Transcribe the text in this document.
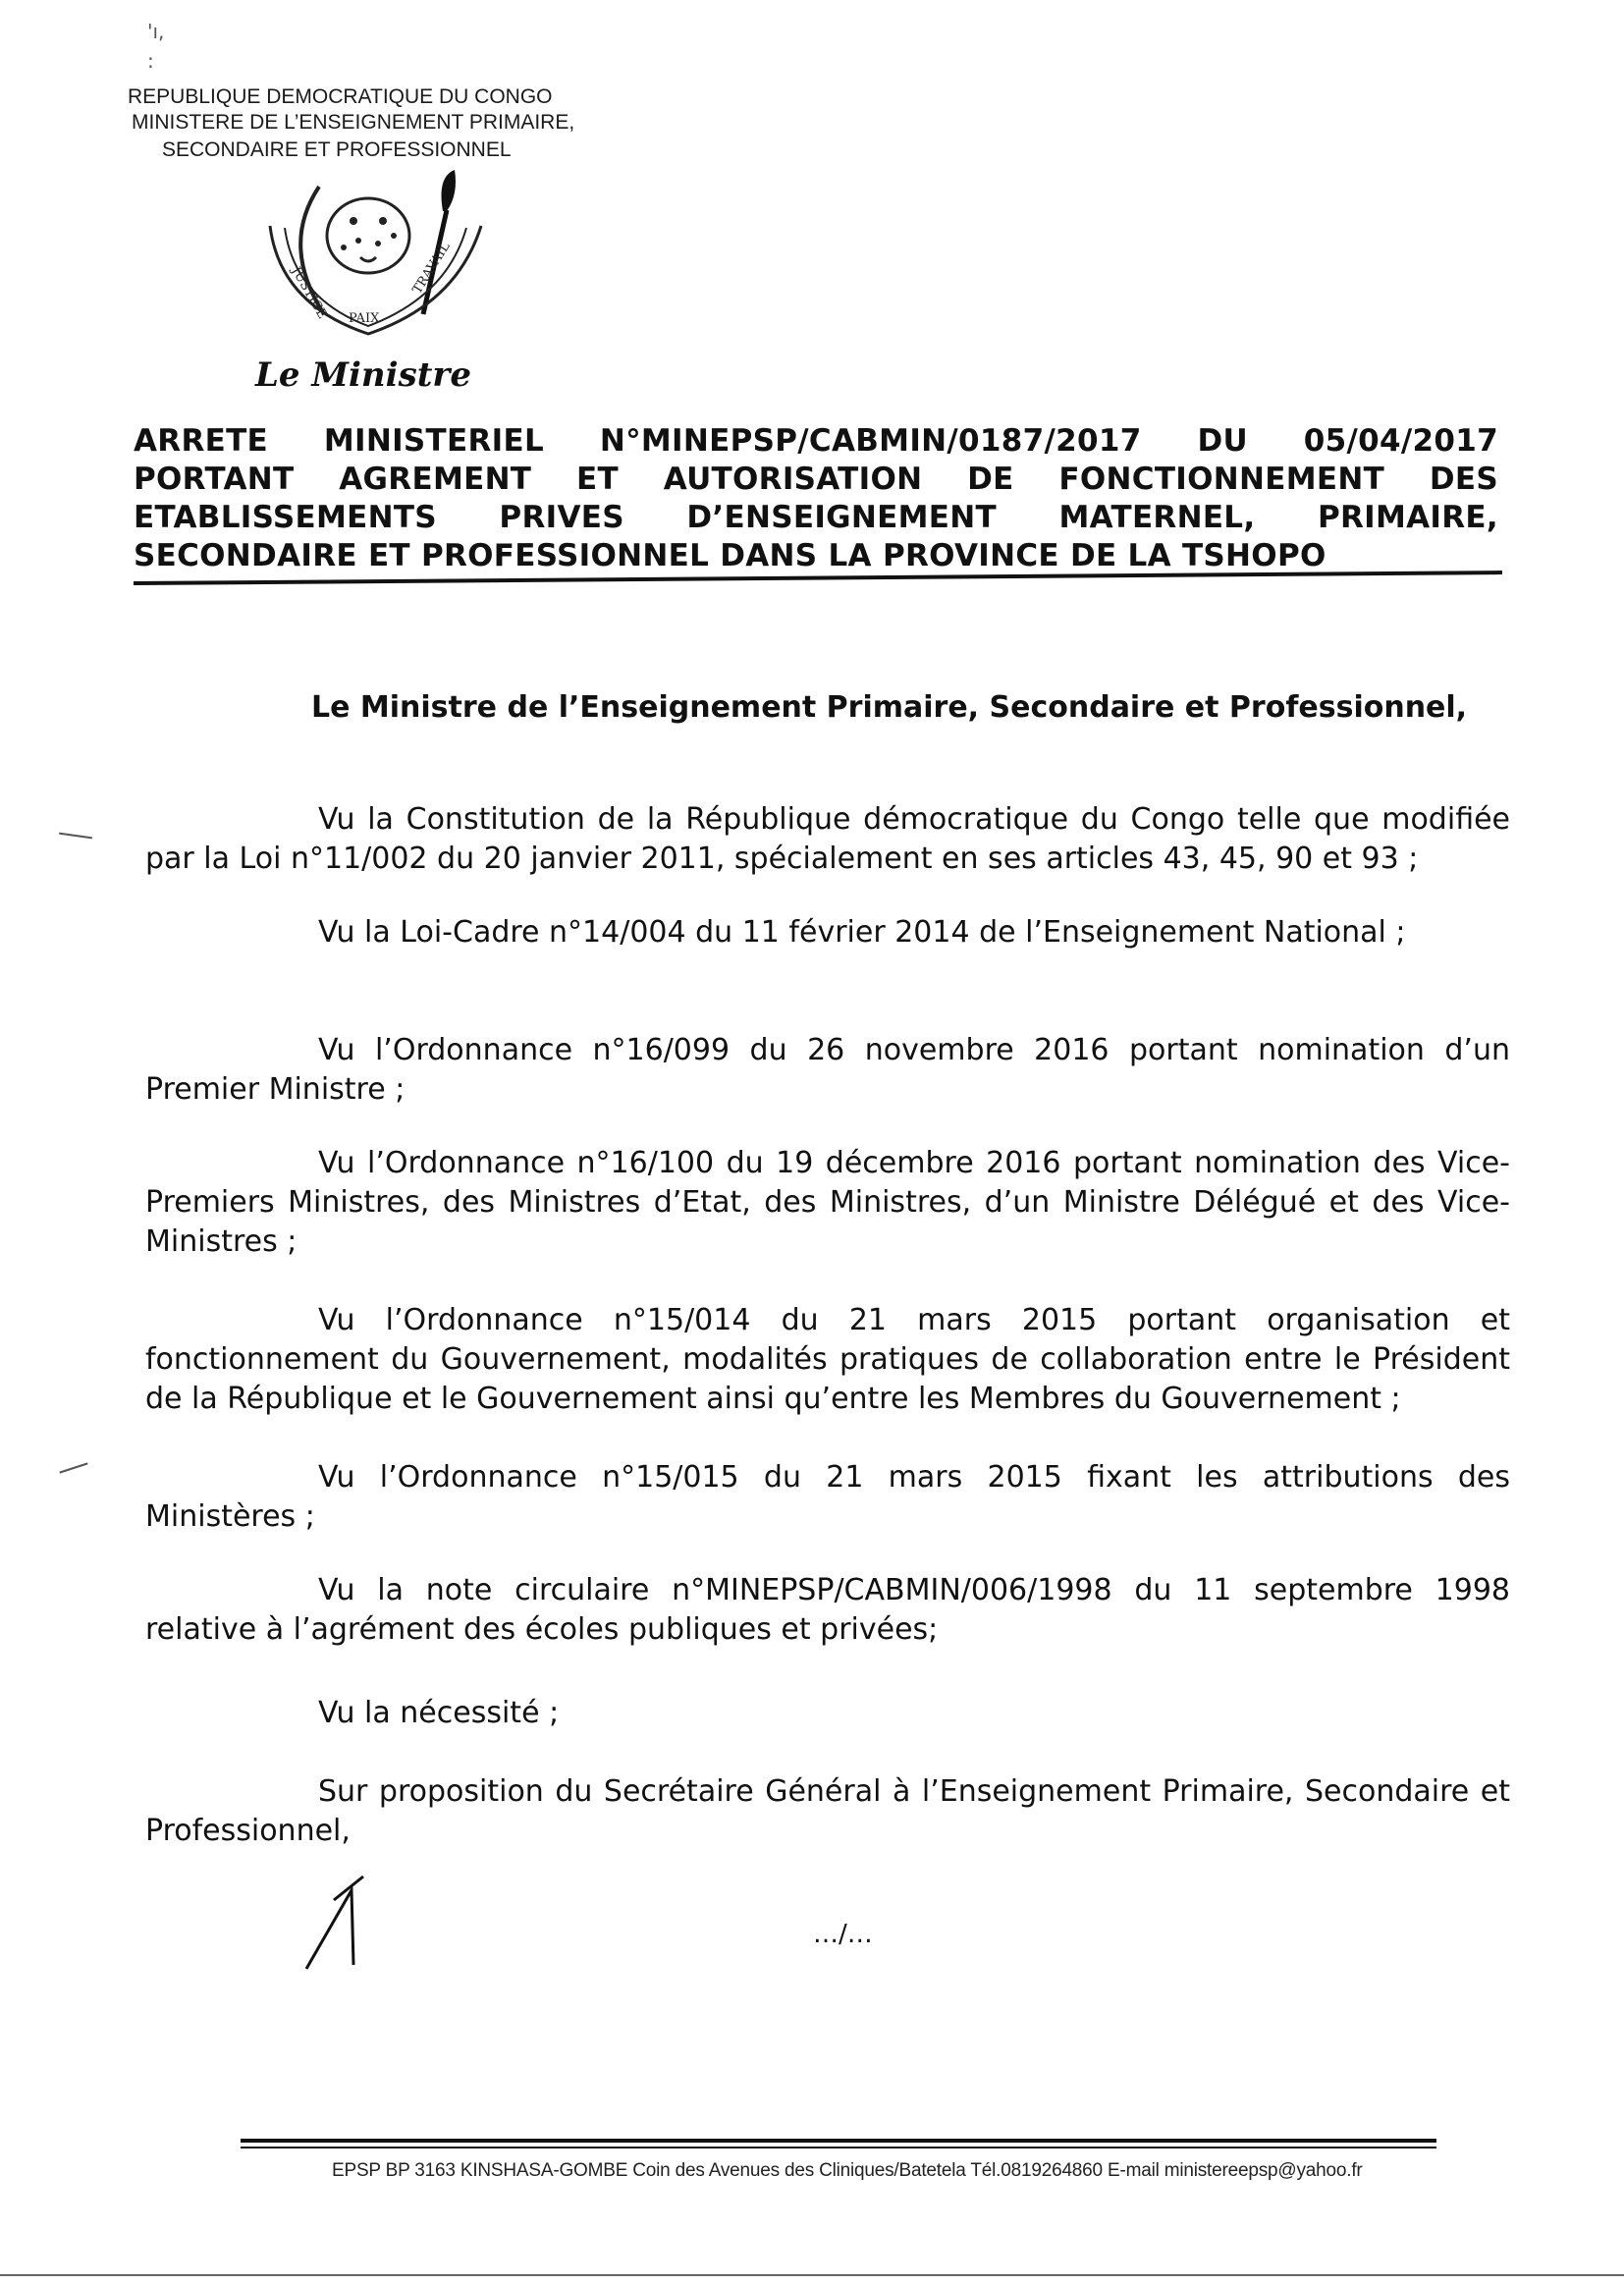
'ı,
:
REPUBLIQUE DEMOCRATIQUE DU CONGO
MINISTERE DE L’ENSEIGNEMENT PRIMAIRE,
SECONDAIRE ET PROFESSIONNEL
JUSTICE PAIX
TRAVAIL
Le Ministre
ARRETE MINISTERIEL N°MINEPSP/CABMIN/0187/2017 DU 05/04/2017
PORTANT AGREMENT ET AUTORISATION DE FONCTIONNEMENT DES
ETABLISSEMENTS PRIVES D’ENSEIGNEMENT MATERNEL, PRIMAIRE,
SECONDAIRE ET PROFESSIONNEL DANS LA PROVINCE DE LA TSHOPO
Le Ministre de l’Enseignement Primaire, Secondaire et Professionnel,
Vu la Constitution de la République démocratique du Congo telle que modifiée par la Loi n°11/002 du 20 janvier 2011, spécialement en ses articles 43, 45, 90 et 93 ;
Vu la Loi-Cadre n°14/004 du 11 février 2014 de l’Enseignement National ;
Vu l’Ordonnance n°16/099 du 26 novembre 2016 portant nomination d’un Premier Ministre ;
Vu l’Ordonnance n°16/100 du 19 décembre 2016 portant nomination des Vice-Premiers Ministres, des Ministres d’Etat, des Ministres, d’un Ministre Délégué et des Vice-Ministres ;
Vu l’Ordonnance n°15/014 du 21 mars 2015 portant organisation et fonctionnement du Gouvernement, modalités pratiques de collaboration entre le Président de la République et le Gouvernement ainsi qu’entre les Membres du Gouvernement ;
Vu l’Ordonnance n°15/015 du 21 mars 2015 fixant les attributions des Ministères ;
Vu la note circulaire n°MINEPSP/CABMIN/006/1998 du 11 septembre 1998 relative à l’agrément des écoles publiques et privées;
Vu la nécessité ;
Sur proposition du Secrétaire Général à l’Enseignement Primaire, Secondaire et Professionnel,
…/…
EPSP BP 3163 KINSHASA-GOMBE Coin des Avenues des Cliniques/Batetela Tél.0819264860 E-mail ministereepsp@yahoo.fr
